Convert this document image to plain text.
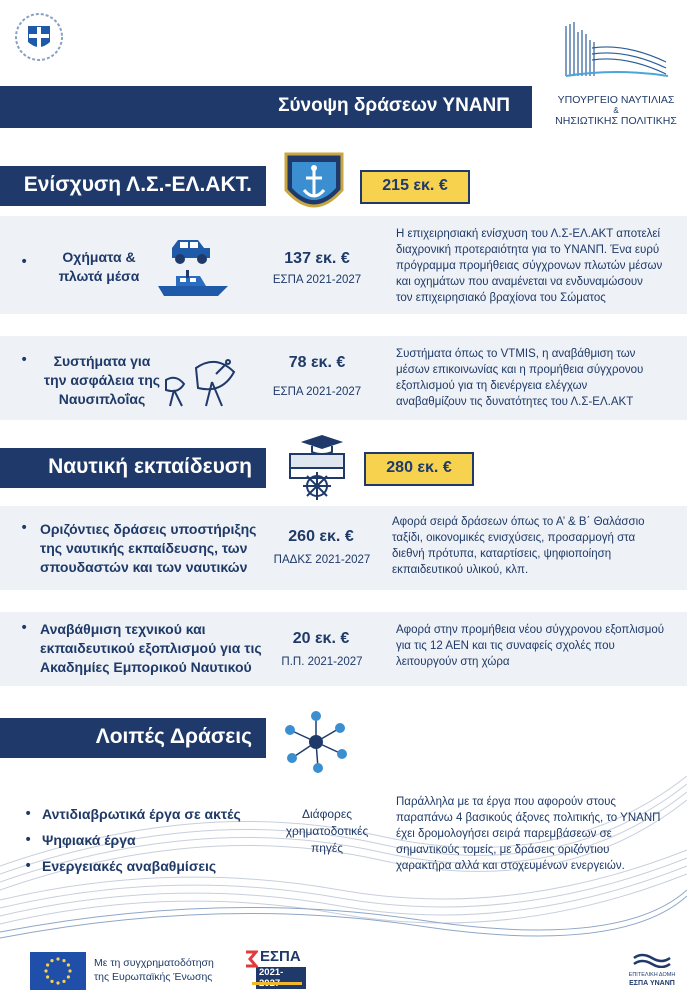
ΥΠΟΥΡΓΕΙΟ ΝΑΥΤΙΛΙΑΣ
&
ΝΗΣΙΩΤΙΚΗΣ ΠΟΛΙΤΙΚΗΣ
Σύνοψη δράσεων ΥΝΑΝΠ
Ενίσχυση Λ.Σ.-ΕΛ.ΑΚΤ.	215 εκ. €
•	Οχήματα &
πλωτά μέσα
137 εκ. €
ΕΣΠΑ 2021-2027
Η επιχειρησιακή ενίσχυση του Λ.Σ-ΕΛ.ΑΚΤ αποτελεί
διαχρονική προτεραιότητα για το ΥΝΑΝΠ. Ένα ευρύ
πρόγραμμα προμήθειας σύγχρονων πλωτών μέσων
και οχημάτων που αναμένεται να ενδυναμώσουν
τον επιχειρησιακό βραχίονα του Σώματος
•	Συστήματα για
την ασφάλεια της
Ναυσιπλοΐας
78 εκ. €
ΕΣΠΑ 2021-2027
Συστήματα όπως το VTMIS, η αναβάθμιση των
μέσων επικοινωνίας και η προμήθεια σύγχρονου
εξοπλισμού για τη διενέργεια ελέγχων
αναβαθμίζουν τις δυνατότητες του Λ.Σ-ΕΛ.ΑΚΤ
Ναυτική εκπαίδευση	280 εκ. €
• Οριζόντιες δράσεις υποστήριξης
της ναυτικής εκπαίδευσης, των
σπουδαστών και των ναυτικών
260 εκ. €
ΠΑΔΚΣ 2021-2027
Αφορά σειρά δράσεων όπως το Α’ & Β΄ Θαλάσσιο
ταξίδι, οικονομικές ενισχύσεις, προσαρμογή στα
διεθνή πρότυπα, καταρτίσεις, ψηφιοποίηση
εκπαιδευτικού υλικού, κλπ.
• Αναβάθμιση τεχνικού και
εκπαιδευτικού εξοπλισμού για τις
Ακαδημίες Εμπορικού Ναυτικού
20 εκ. €
Π.Π. 2021-2027
Αφορά στην προμήθεια νέου σύγχρονου εξοπλισμού
για τις 12 ΑΕΝ και τις συναφείς σχολές που
λειτουργούν στη χώρα
Λοιπές Δράσεις
• Αντιδιαβρωτικά έργα σε ακτές
• Ψηφιακά έργα
• Ενεργειακές αναβαθμίσεις
Διάφορες
χρηματοδοτικές
πηγές
Παράλληλα με τα έργα που αφορούν στους
παραπάνω 4 βασικούς άξονες πολιτικής, το ΥΝΑΝΠ
έχει δρομολογήσει σειρά παρεμβάσεων σε
σημαντικούς τομείς, με δράσεις οριζόντιου
χαρακτήρα αλλά και στοχευμένων ενεργειών.
Με τη συγχρηματοδότηση
της Ευρωπαϊκής Ένωσης
ΕΣΠΑ
2021-	ΕΠΙΤΕΛΙΚΗ ΔΟΜΗ
ΕΣΠΑ ΥΝΑΝΠ
